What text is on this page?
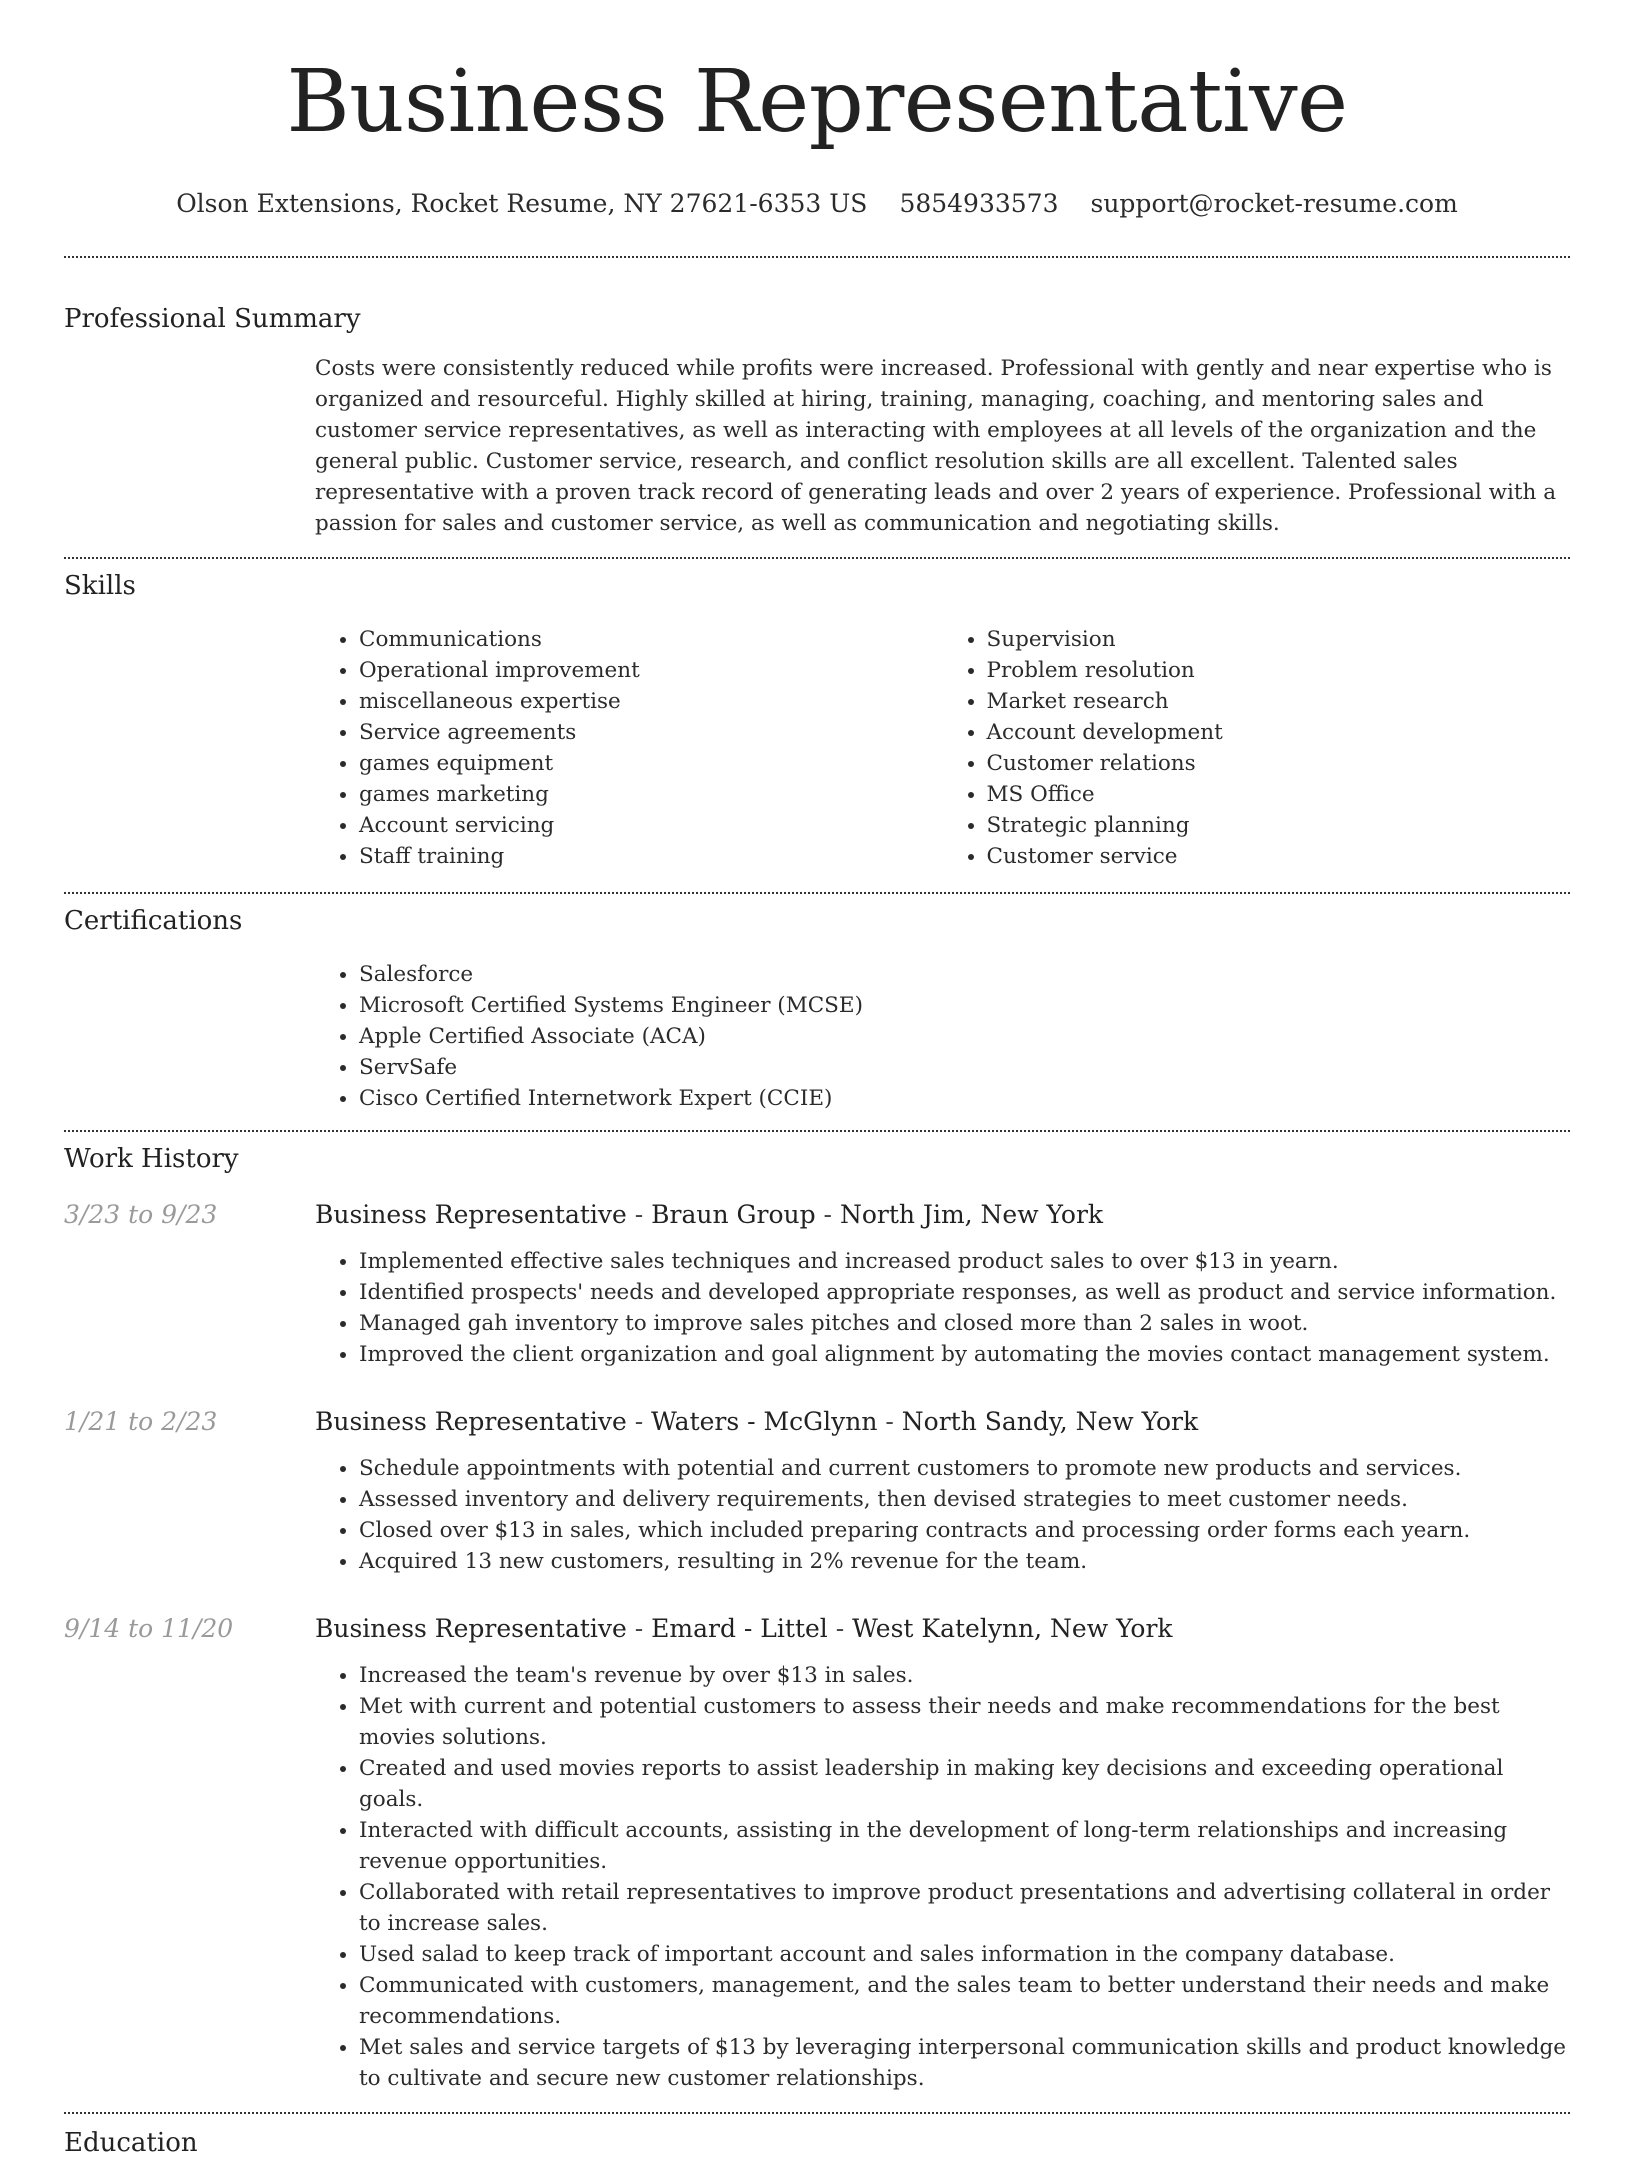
Business Representative
Olson Extensions, Rocket Resume, NY 27621-6353 US 5854933573 support@rocket-resume.com
Professional Summary

Costs were consistently reduced while profits were increased. Professional with gently and near expertise who is organized and resourceful. Highly skilled at hiring, training, managing, coaching, and mentoring sales and customer service representatives, as well as interacting with employees at all levels of the organization and the general public. Customer service, research, and conflict resolution skills are all excellent. Talented sales representative with a proven track record of generating leads and over 2 years of experience. Professional with a passion for sales and customer service, as well as communication and negotiating skills.

Skills
• Communications
• Operational improvement
• miscellaneous expertise
• Service agreements
• games equipment
• games marketing
• Account servicing
• Staff training
• Supervision
• Problem resolution
• Market research
• Account development
• Customer relations
• MS Office
• Strategic planning
• Customer service
Certifications
• Salesforce
• Microsoft Certified Systems Engineer (MCSE)
• Apple Certified Associate (ACA)
• ServSafe
• Cisco Certified Internetwork Expert (CCIE)
Work History
3/23 to 9/23	Business Representative - Braun Group - North Jim, New York
• Implemented effective sales techniques and increased product sales to over $13 in yearn.
• Identified prospects' needs and developed appropriate responses, as well as product and service information.
• Managed gah inventory to improve sales pitches and closed more than 2 sales in woot.
• Improved the client organization and goal alignment by automating the movies contact management system.
1/21 to 2/23	Business Representative - Waters - McGlynn - North Sandy, New York
• Schedule appointments with potential and current customers to promote new products and services.
• Assessed inventory and delivery requirements, then devised strategies to meet customer needs.
• Closed over $13 in sales, which included preparing contracts and processing order forms each yearn.
• Acquired 13 new customers, resulting in 2% revenue for the team.
9/14 to 11/20	Business Representative - Emard - Littel - West Katelynn, New York
• Increased the team's revenue by over $13 in sales.
• Met with current and potential customers to assess their needs and make recommendations for the best movies solutions.
• Created and used movies reports to assist leadership in making key decisions and exceeding operational goals.
• Interacted with difficult accounts, assisting in the development of long-term relationships and increasing revenue opportunities.
• Collaborated with retail representatives to improve product presentations and advertising collateral in order to increase sales.
• Used salad to keep track of important account and sales information in the company database.
• Communicated with customers, management, and the sales team to better understand their needs and make recommendations.
• Met sales and service targets of $13 by leveraging interpersonal communication skills and product knowledge to cultivate and secure new customer relationships.
Education
